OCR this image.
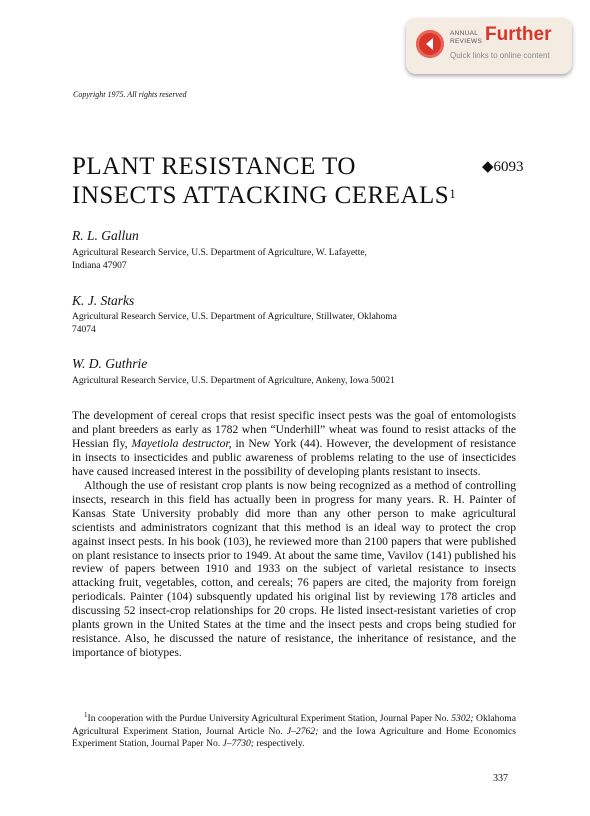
ANNUAL
REVIEWS Further
Quick links to online content
Copyright 1975. All rights reserved
PLANT RESISTANCE TO
INSECTS ATTACKING CEREALS$^1$
◆6093
R. L. Gallun
Agricultural Research Service, U.S. Department of Agriculture, W. Lafayette,
Indiana 47907
K. J. Starks
Agricultural Research Service, U.S. Department of Agriculture, Stillwater, Oklahoma
74074
W. D. Guthrie
Agricultural Research Service, U.S. Department of Agriculture, Ankeny, Iowa 50021

The development of cereal crops that resist specific insect pests was the goal of entomologists and plant breeders as early as 1782 when “Underhill” wheat was found to resist attacks of the Hessian fly, Mayetiola destructor, in New York (44). However, the development of resistance in insects to insecticides and public awareness of problems relating to the use of insecticides have caused increased interest in the possibility of developing plants resistant to insects.

Although the use of resistant crop plants is now being recognized as a method of controlling insects, research in this field has actually been in progress for many years. R. H. Painter of Kansas State University probably did more than any other person to make agricultural scientists and administrators cognizant that this method is an ideal way to protect the crop against insect pests. In his book (103), he reviewed more than 2100 papers that were published on plant resistance to insects prior to 1949. At about the same time, Vavilov (141) published his review of papers between 1910 and 1933 on the subject of varietal resistance to insects attacking fruit, vegetables, cotton, and cereals; 76 papers are cited, the majority from foreign periodicals. Painter (104) subsquently updated his original list by reviewing 178 articles and discussing 52 insect-crop relationships for 20 crops. He listed insect-resistant varieties of crop plants grown in the United States at the time and the insect pests and crops being studied for resistance. Also, he discussed the nature of resistance, the inheritance of resistance, and the importance of biotypes.

$^1$In cooperation with the Purdue University Agricultural Experiment Station, Journal Paper No. 5302; Oklahoma Agricultural Experiment Station, Journal Article No. J–2762; and the Iowa Agriculture and Home Economics Experiment Station, Journal Paper No. J–7730; respectively.
337
